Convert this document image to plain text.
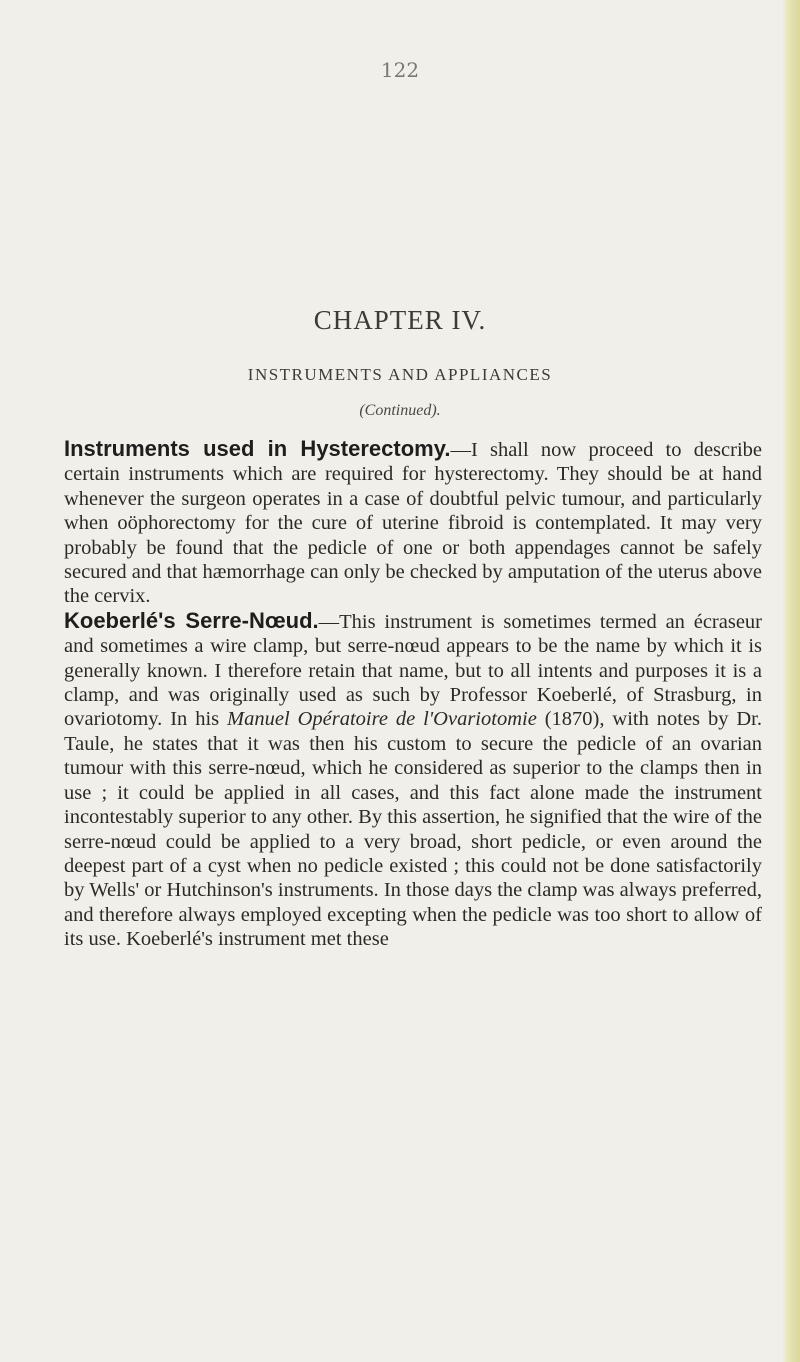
122
CHAPTER IV.
INSTRUMENTS AND APPLIANCES
(Continued).

Instruments used in Hysterectomy.—I shall now proceed to describe certain instruments which are required for hysterectomy. They should be at hand whenever the surgeon operates in a case of doubtful pelvic tumour, and particularly when oöphorectomy for the cure of uterine fibroid is contemplated. It may very probably be found that the pedicle of one or both appendages cannot be safely secured and that hæmorrhage can only be checked by amputation of the uterus above the cervix.

Koeberlé's Serre-Nœud.—This instrument is sometimes termed an écraseur and sometimes a wire clamp, but serre-nœud appears to be the name by which it is generally known. I therefore retain that name, but to all intents and purposes it is a clamp, and was originally used as such by Professor Koeberlé, of Strasburg, in ovariotomy. In his Manuel Opératoire de l'Ovariotomie (1870), with notes by Dr. Taule, he states that it was then his custom to secure the pedicle of an ovarian tumour with this serre-nœud, which he considered as superior to the clamps then in use ; it could be applied in all cases, and this fact alone made the instrument incontestably superior to any other. By this assertion, he signified that the wire of the serre-nœud could be applied to a very broad, short pedicle, or even around the deepest part of a cyst when no pedicle existed ; this could not be done satisfactorily by Wells' or Hutchinson's instruments. In those days the clamp was always preferred, and therefore always employed excepting when the pedicle was too short to allow of its use. Koeberlé's instrument met these
